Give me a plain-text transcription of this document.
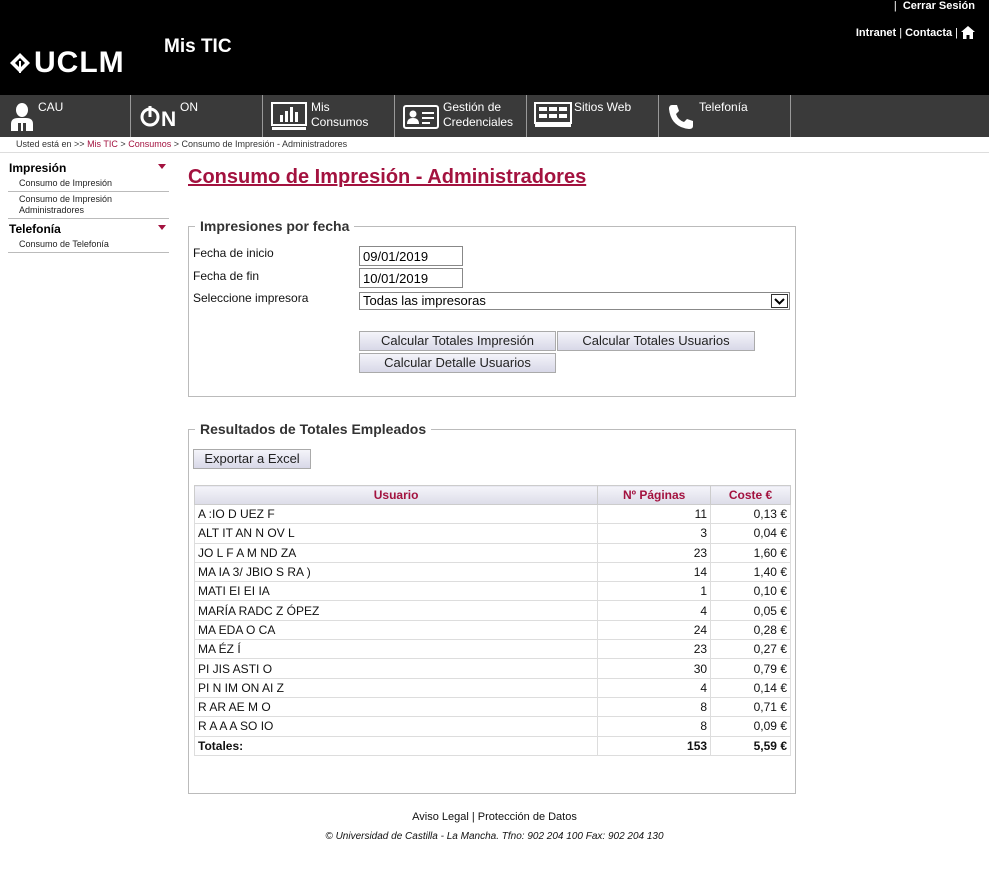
UCLM Mis TIC
| Cerrar Sesión
Intranet | Contacta |
CAU
N
ON	Mis
Consumos
Gestión de
Credenciales
Sitios Web	Telefonía
Usted está en >> Mis TIC > Consumos > Consumo de Impresión - Administradores
Impresión
Consumo de Impresión
Consumo de Impresión Administradores
Telefonía
Consumo de Telefonía
Consumo de Impresión - Administradores
Impresiones por fecha
Fecha de inicio
09/01/2019
Fecha de fin
10/01/2019
Seleccione impresora	Todas las impresoras
Calcular Totales Impresión	Calcular Totales Usuarios
Calcular Detalle Usuarios
Resultados de Totales Empleados
Exportar a Excel
Usuario	Nº Páginas	Coste €
A :IO D UEZ F	11	0,13 €
ALT IT AN N OV L	3	0,04 €
JO L F A M ND ZA	23	1,60 €
MA IA 3/ JBIO S RA )	14	1,40 €
MATI EI EI IA	1	0,10 €
MARÍA RADC Z ÓPEZ	4	0,05 €
MA EDA O CA	24	0,28 €
MA ÉZ Í	23	0,27 €
PI JIS ASTI O	30	0,79 €
PI N IM ON AI Z	4	0,14 €
R AR AE M O	8	0,71 €
R A A A SO IO	8	0,09 €
Totales:	153	5,59 €
Aviso Legal | Protección de Datos
© Universidad de Castilla - La Mancha. Tfno: 902 204 100 Fax: 902 204 130
